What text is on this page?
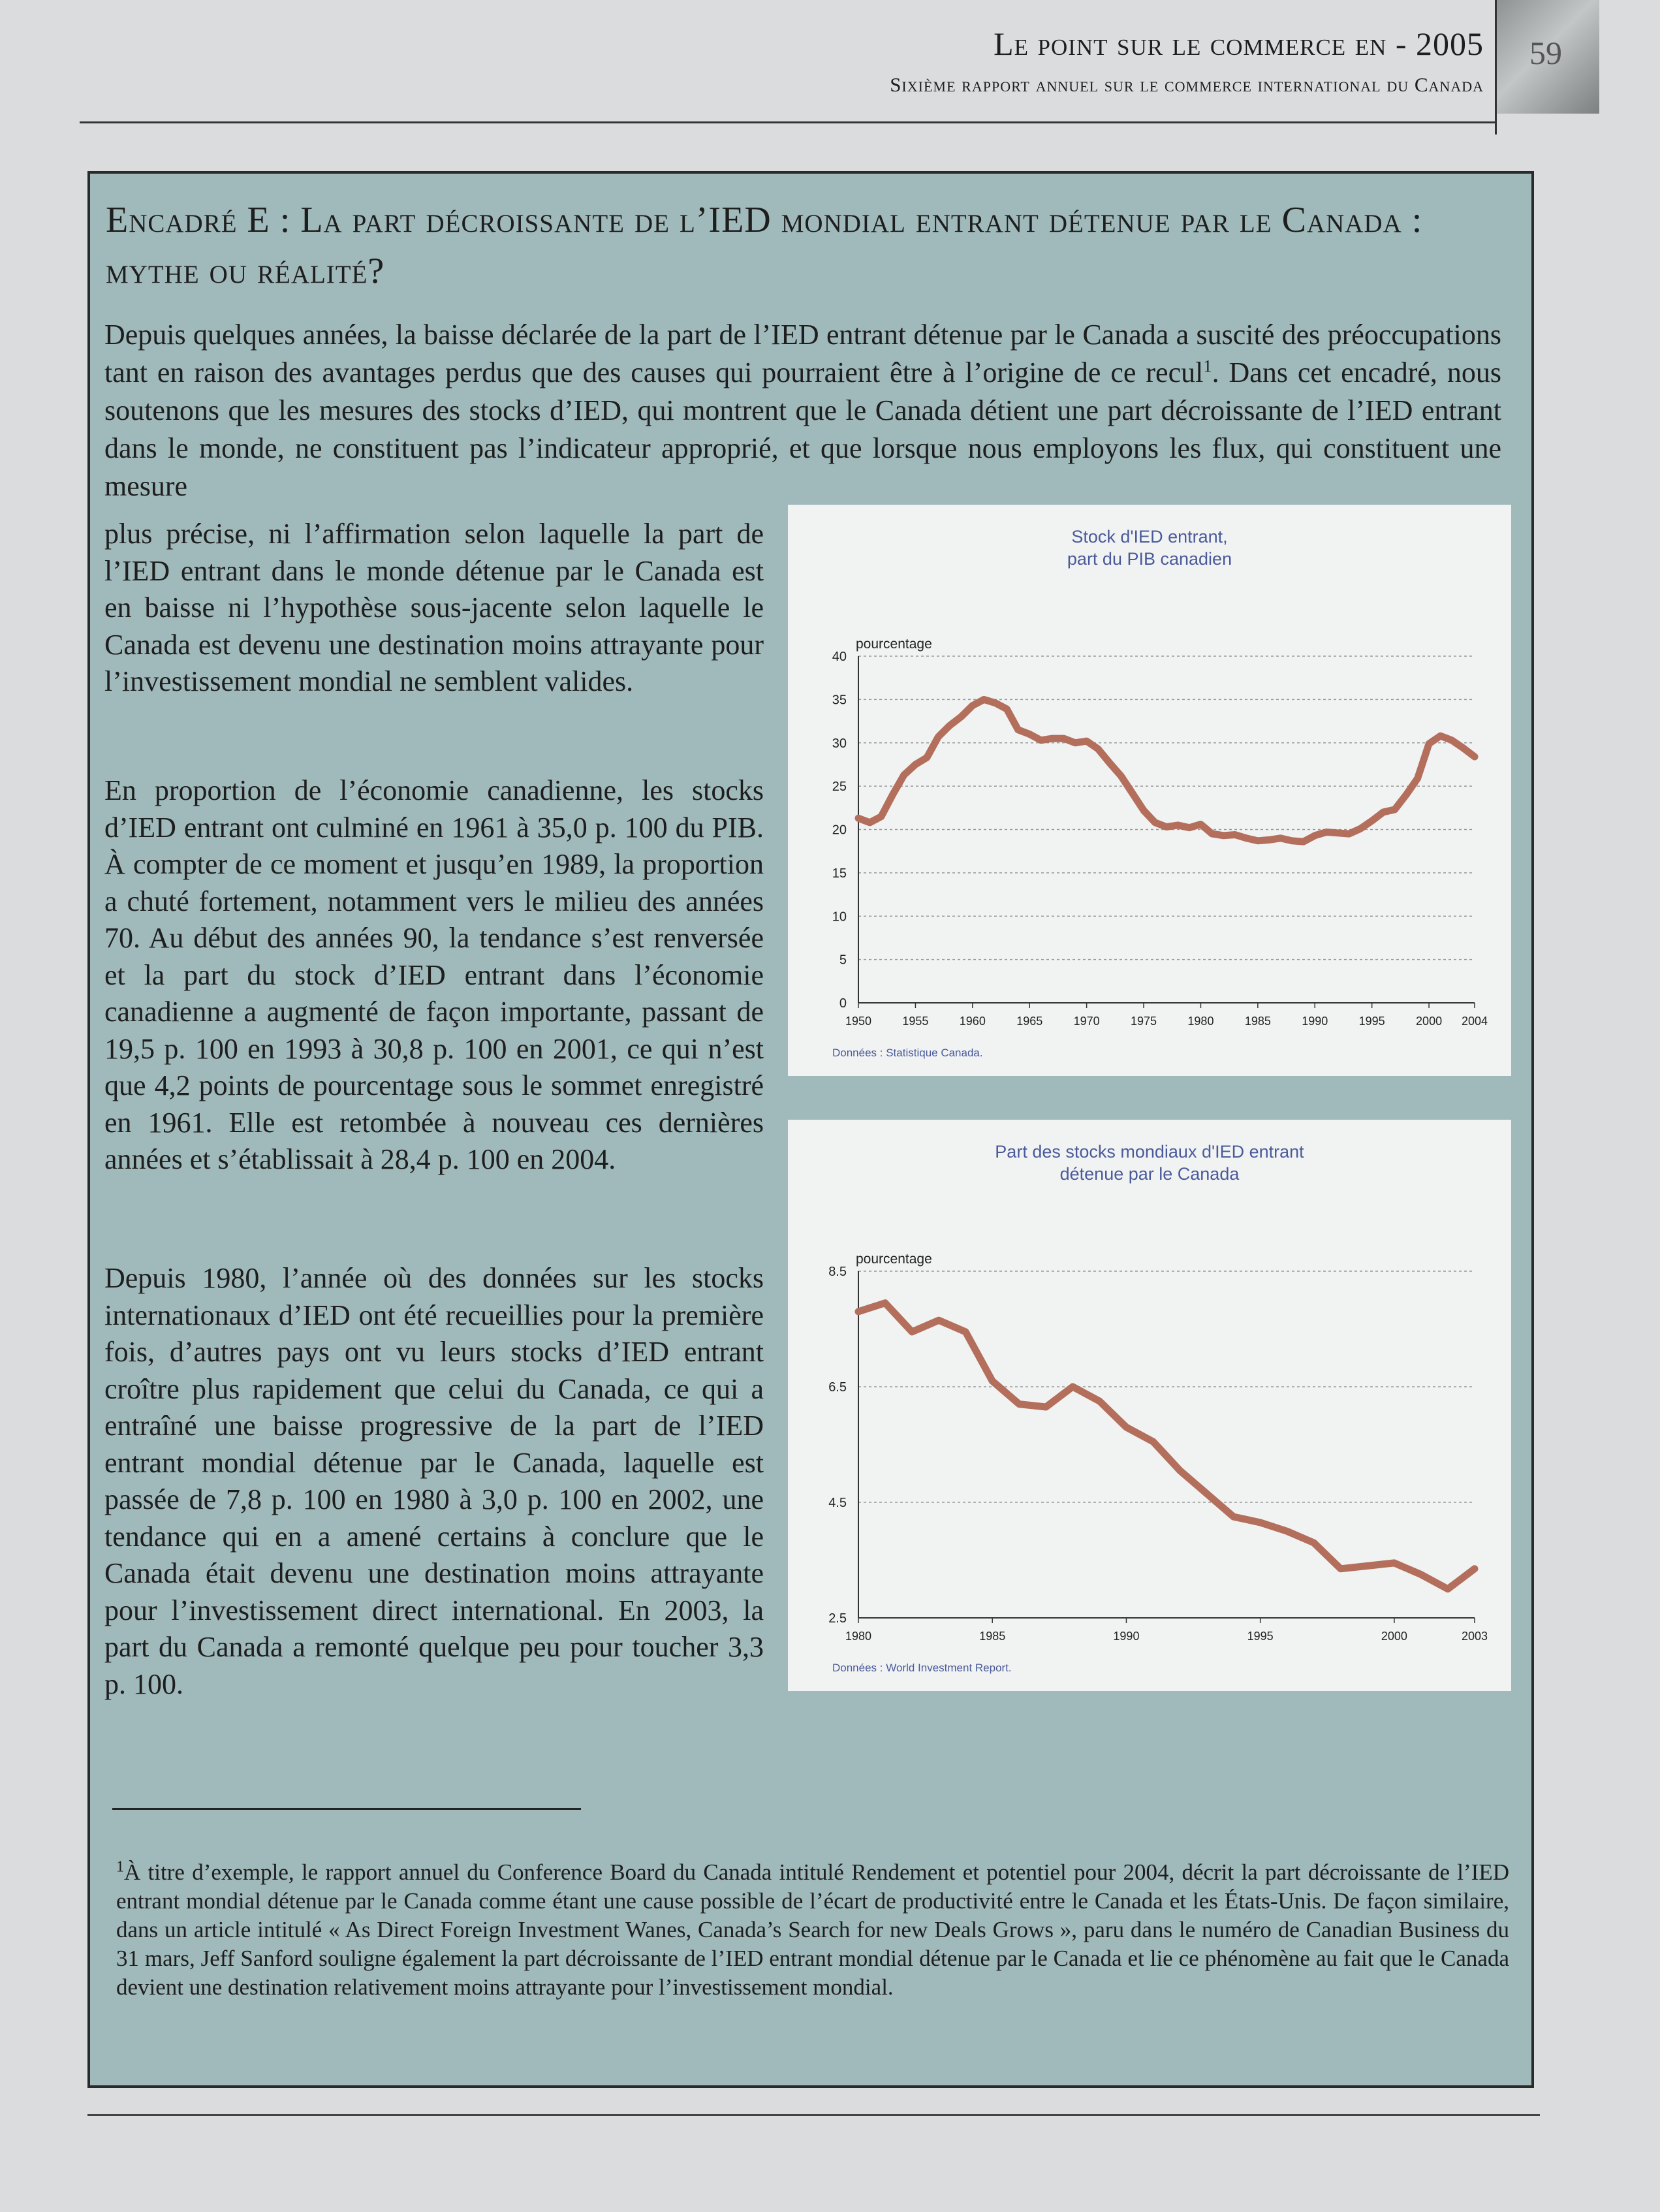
Le point sur le commerce en - 2005
Sixième rapport annuel sur le commerce international du Canada
59
Encadré E : La part décroissante de l’IED mondial entrant détenue par le Canada : mythe ou réalité?
Depuis quelques années, la baisse déclarée de la part de l’IED entrant détenue par le Canada a suscité des préoccupations tant en raison des avantages perdus que des causes qui pourraient être à l’origine de ce recul$^1$. Dans cet encadré, nous soutenons que les mesures des stocks d’IED, qui montrent que le Canada détient une part décroissante de l’IED entrant dans le monde, ne constituent pas l’indicateur approprié, et que lorsque nous employons les flux, qui constituent une mesure
plus précise, ni l’affirmation selon laquelle la part de l’IED entrant dans le monde détenue par le Canada est en baisse ni l’hypothèse sous-jacente selon laquelle le Canada est devenu une destination moins attrayante pour l’investissement mondial ne semblent valides.
En proportion de l’économie canadienne, les stocks d’IED entrant ont culminé en 1961 à 35,0 p. 100 du PIB. À compter de ce moment et jusqu’en 1989, la proportion a chuté fortement, notamment vers le milieu des années 70. Au début des années 90, la tendance s’est renversée et la part du stock d’IED entrant dans l’économie canadienne a augmenté de façon importante, passant de 19,5 p. 100 en 1993 à 30,8 p. 100 en 2001, ce qui n’est que 4,2 points de pourcentage sous le sommet enregistré en 1961. Elle est retombée à nouveau ces dernières années et s’établissait à 28,4 p. 100 en 2004.
Depuis 1980, l’année où des données sur les stocks internationaux d’IED ont été recueillies pour la première fois, d’autres pays ont vu leurs stocks d’IED entrant croître plus rapidement que celui du Canada, ce qui a entraîné une baisse progressive de la part de l’IED entrant mondial détenue par le Canada, laquelle est passée de 7,8 p. 100 en 1980 à 3,0 p. 100 en 2002, une tendance qui en a amené certains à conclure que le Canada était devenu une destination moins attrayante pour l’investissement direct international. En 2003, la part du Canada a remonté quelque peu pour toucher 3,3 p. 100.
Stock d'IED entrant,
part du PIB canadien
pourcentage
0
5
10
15
20
25
30
35
40
1950	1955	1960	1965	1970	1975	1980	1985	1990	1995	2000 2004
Données : Statistique Canada.
Part des stocks mondiaux d'IED entrant
détenue par le Canada
pourcentage
2.5
4.5
6.5
8.5
1980	1985	1990	1995	2000	2003
Données : World Investment Report.
$^1$À titre d’exemple, le rapport annuel du Conference Board du Canada intitulé Rendement et potentiel pour 2004, décrit la part décroissante de l’IED entrant mondial détenue par le Canada comme étant une cause possible de l’écart de productivité entre le Canada et les États-Unis. De façon similaire, dans un article intitulé « As Direct Foreign Investment Wanes, Canada’s Search for new Deals Grows », paru dans le numéro de Canadian Business du 31 mars, Jeff Sanford souligne également la part décroissante de l’IED entrant mondial détenue par le Canada et lie ce phénomène au fait que le Canada devient une destination relativement moins attrayante pour l’investissement mondial.
